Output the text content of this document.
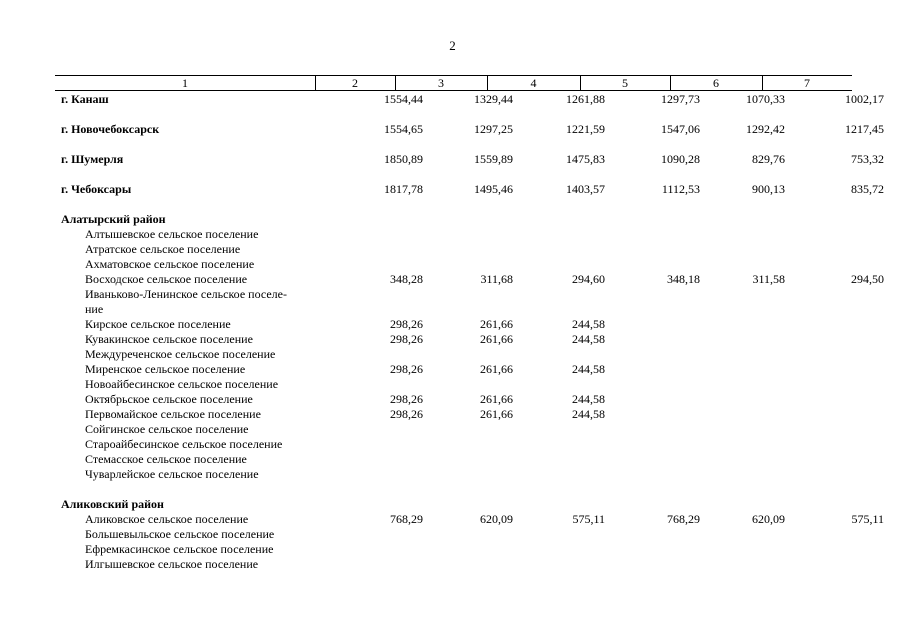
2
1	2	3	4	5	6	7
г. Канаш	1554,44	1329,44	1261,88	1297,73	1070,33	1002,17
г. Новочебоксарск	1554,65	1297,25	1221,59	1547,06	1292,42	1217,45
г. Шумерля	1850,89	1559,89	1475,83	1090,28	829,76	753,32
г. Чебоксары	1817,78	1495,46	1403,57	1112,53	900,13	835,72
Алатырский район
Алтышевское сельское поселение
Атратское сельское поселение
Ахматовское сельское поселение
Восходское сельское поселение	348,28	311,68	294,60	348,18	311,58	294,50
Иваньково-Ленинское сельское поселе-
ние
Кирское сельское поселение	298,26	261,66	244,58
Кувакинское сельское поселение	298,26	261,66	244,58
Междуреченское сельское поселение
Миренское сельское поселение	298,26	261,66	244,58
Новоайбесинское сельское поселение
Октябрьское сельское поселение	298,26	261,66	244,58
Первомайское сельское поселение	298,26	261,66	244,58
Сойгинское сельское поселение
Староайбесинское сельское поселение
Стемасское сельское поселение
Чуварлейское сельское поселение
Аликовский район
Аликовское сельское поселение	768,29	620,09	575,11	768,29	620,09	575,11
Большевыльское сельское поселение
Ефремкасинское сельское поселение
Илгышевское сельское поселение
